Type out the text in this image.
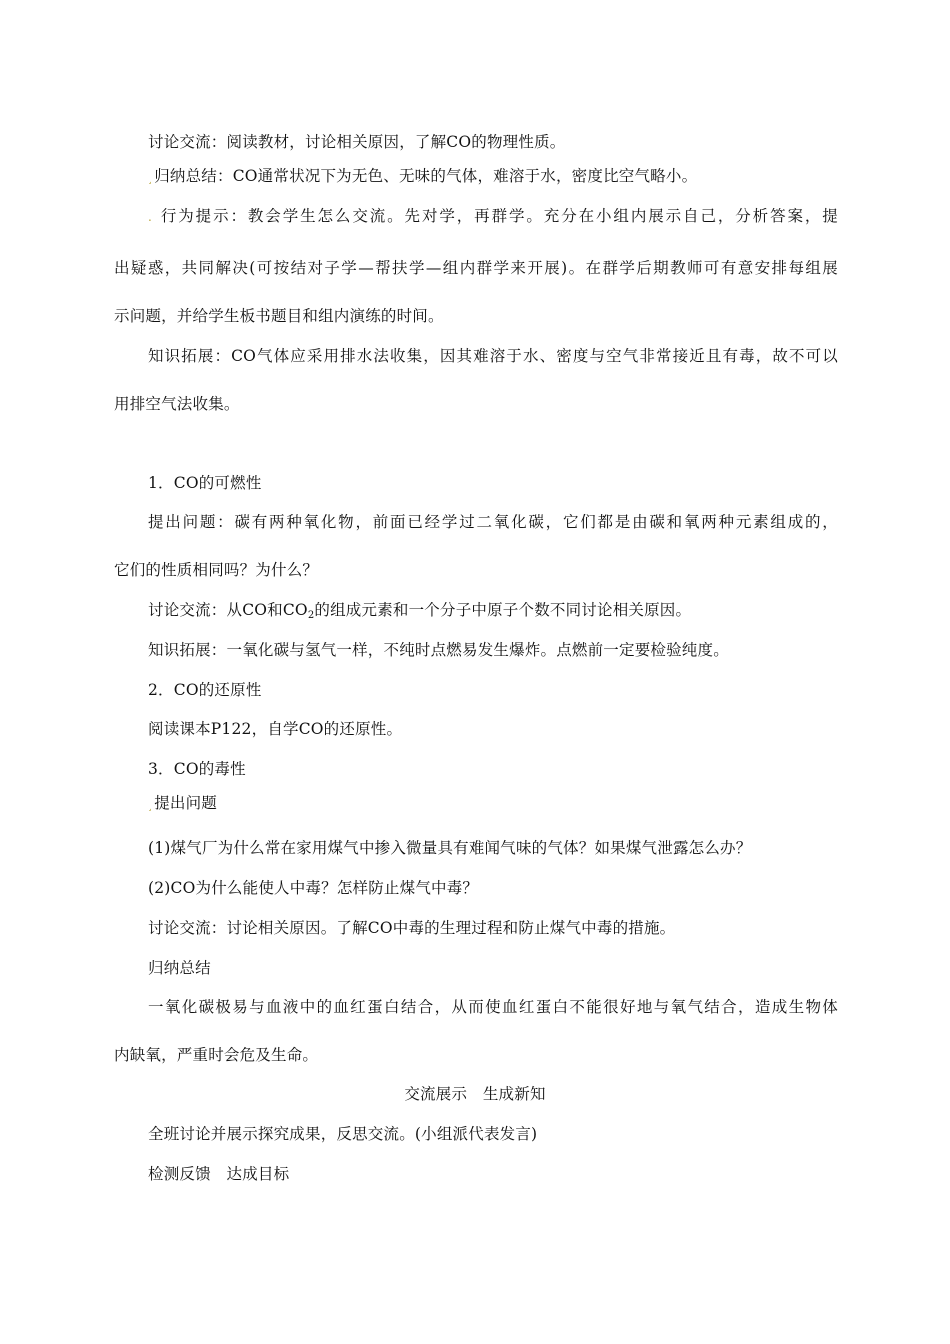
讨论交流：阅读教材，讨论相关原因，了解CO的物理性质。
˼ 归纳总结：CO通常状况下为无色、无味的气体，难溶于水，密度比空气略小。
. 行为提示：教会学生怎么交流。先对学，再群学。充分在小组内展示自己，分析答案，提
出疑惑，共同解决(可按结对子学—帮扶学—组内群学来开展)。在群学后期教师可有意安排每组展
示问题，并给学生板书题目和组内演练的时间。
知识拓展：CO气体应采用排水法收集，因其难溶于水、密度与空气非常接近且有毒，故不可以
用排空气法收集。
1．CO的可燃性
提出问题：碳有两种氧化物，前面已经学过二氧化碳，它们都是由碳和氧两种元素组成的，
它们的性质相同吗？为什么？
讨论交流：从CO和$CO_2$的组成元素和一个分子中原子个数不同讨论相关原因。
知识拓展：一氧化碳与氢气一样，不纯时点燃易发生爆炸。点燃前一定要检验纯度。
2．CO的还原性
阅读课本P122，自学CO的还原性。
3．CO的毒性
˼ 提出问题
(1)煤气厂为什么常在家用煤气中掺入微量具有难闻气味的气体？如果煤气泄露怎么办？
(2)CO为什么能使人中毒？怎样防止煤气中毒？
讨论交流：讨论相关原因。了解CO中毒的生理过程和防止煤气中毒的措施。
归纳总结
一氧化碳极易与血液中的血红蛋白结合，从而使血红蛋白不能很好地与氧气结合，造成生物体
内缺氧，严重时会危及生命。
交流展示　生成新知
全班讨论并展示探究成果，反思交流。(小组派代表发言)
检测反馈　达成目标
